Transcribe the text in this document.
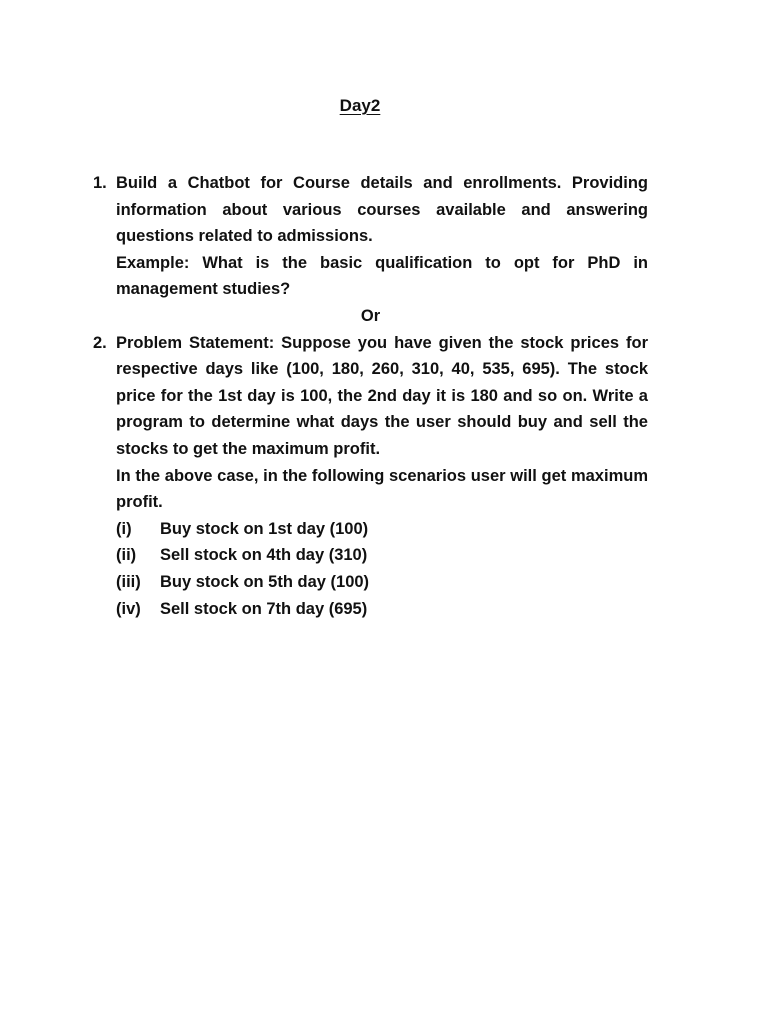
Day2
1. Build a Chatbot for Course details and enrollments. Providing information about various courses available and answering questions related to admissions.
Example: What is the basic qualification to opt for PhD in management studies?
Or
2. Problem Statement: Suppose you have given the stock prices for respective days like (100, 180, 260, 310, 40, 535, 695). The stock price for the 1st day is 100, the 2nd day it is 180 and so on. Write a program to determine what days the user should buy and sell the stocks to get the maximum profit.
In the above case, in the following scenarios user will get maximum profit.
(i)	Buy stock on 1st day (100)
(ii)	Sell stock on 4th day (310)
(iii)	Buy stock on 5th day (100)
(iv)	Sell stock on 7th day (695)
